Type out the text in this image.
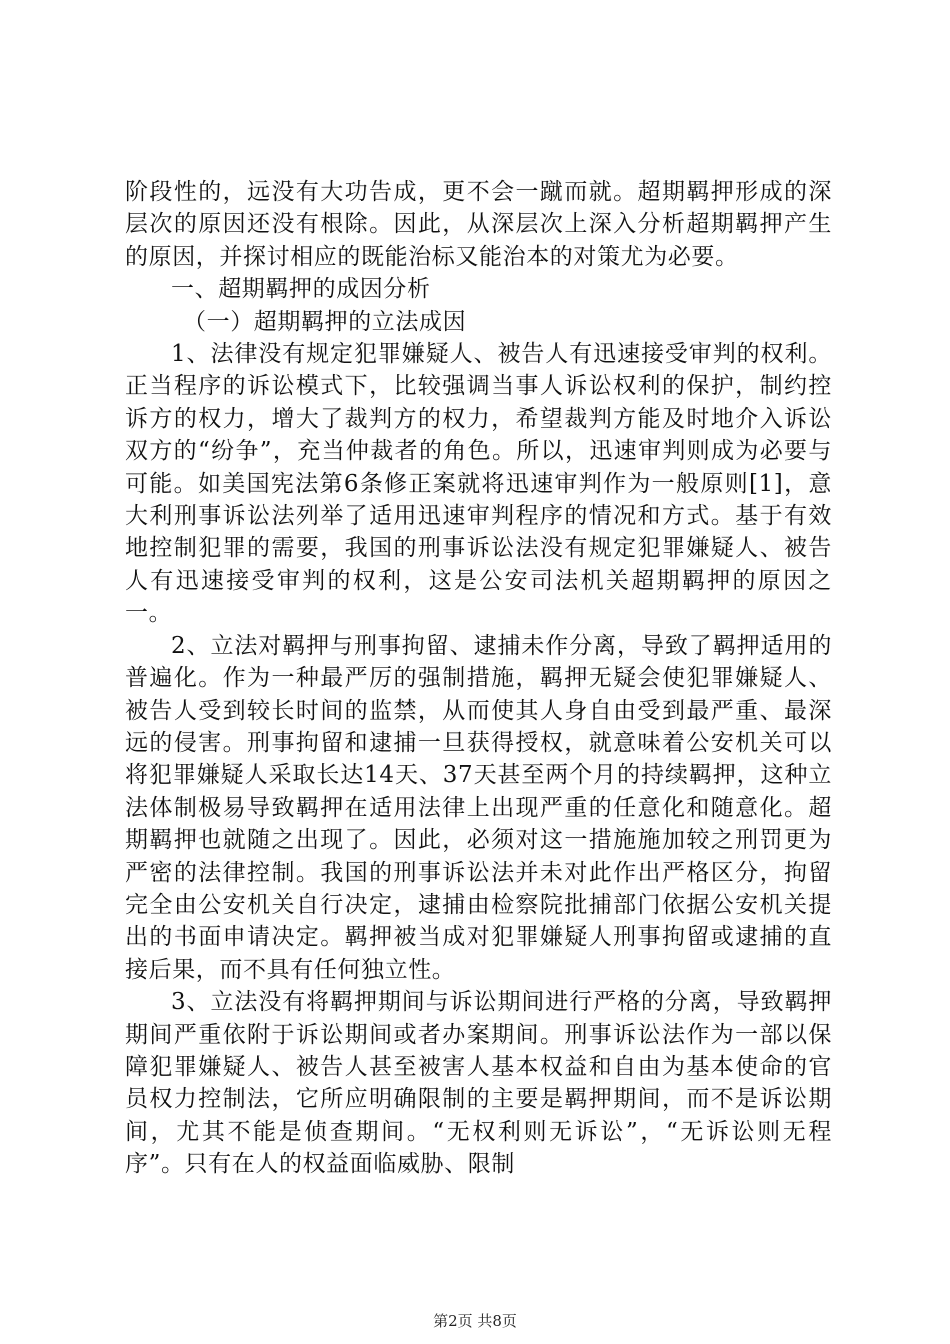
阶段性的，远没有大功告成，更不会一蹴而就。超期羁押形成的深层次的原因还没有根除。因此，从深层次上深入分析超期羁押产生的原因，并探讨相应的既能治标又能治本的对策尤为必要。

一、超期羁押的成因分析

（一）超期羁押的立法成因

1、法律没有规定犯罪嫌疑人、被告人有迅速接受审判的权利。正当程序的诉讼模式下，比较强调当事人诉讼权利的保护，制约控诉方的权力，增大了裁判方的权力，希望裁判方能及时地介入诉讼双方的“纷争”，充当仲裁者的角色。所以，迅速审判则成为必要与可能。如美国宪法第6条修正案就将迅速审判作为一般原则[1]，意大利刑事诉讼法列举了适用迅速审判程序的情况和方式。基于有效地控制犯罪的需要，我国的刑事诉讼法没有规定犯罪嫌疑人、被告人有迅速接受审判的权利，这是公安司法机关超期羁押的原因之一。

2、立法对羁押与刑事拘留、逮捕未作分离，导致了羁押适用的普遍化。作为一种最严厉的强制措施，羁押无疑会使犯罪嫌疑人、被告人受到较长时间的监禁，从而使其人身自由受到最严重、最深远的侵害。刑事拘留和逮捕一旦获得授权，就意味着公安机关可以将犯罪嫌疑人采取长达14天、37天甚至两个月的持续羁押，这种立法体制极易导致羁押在适用法律上出现严重的任意化和随意化。超期羁押也就随之出现了。因此，必须对这一措施施加较之刑罚更为严密的法律控制。我国的刑事诉讼法并未对此作出严格区分，拘留完全由公安机关自行决定，逮捕由检察院批捕部门依据公安机关提出的书面申请决定。羁押被当成对犯罪嫌疑人刑事拘留或逮捕的直接后果，而不具有任何独立性。

3、立法没有将羁押期间与诉讼期间进行严格的分离，导致羁押期间严重依附于诉讼期间或者办案期间。刑事诉讼法作为一部以保障犯罪嫌疑人、被告人甚至被害人基本权益和自由为基本使命的官员权力控制法，它所应明确限制的主要是羁押期间，而不是诉讼期间，尤其不能是侦查期间。“无权利则无诉讼”，“无诉讼则无程序”。只有在人的权益面临威胁、限制

第2页 共8页
